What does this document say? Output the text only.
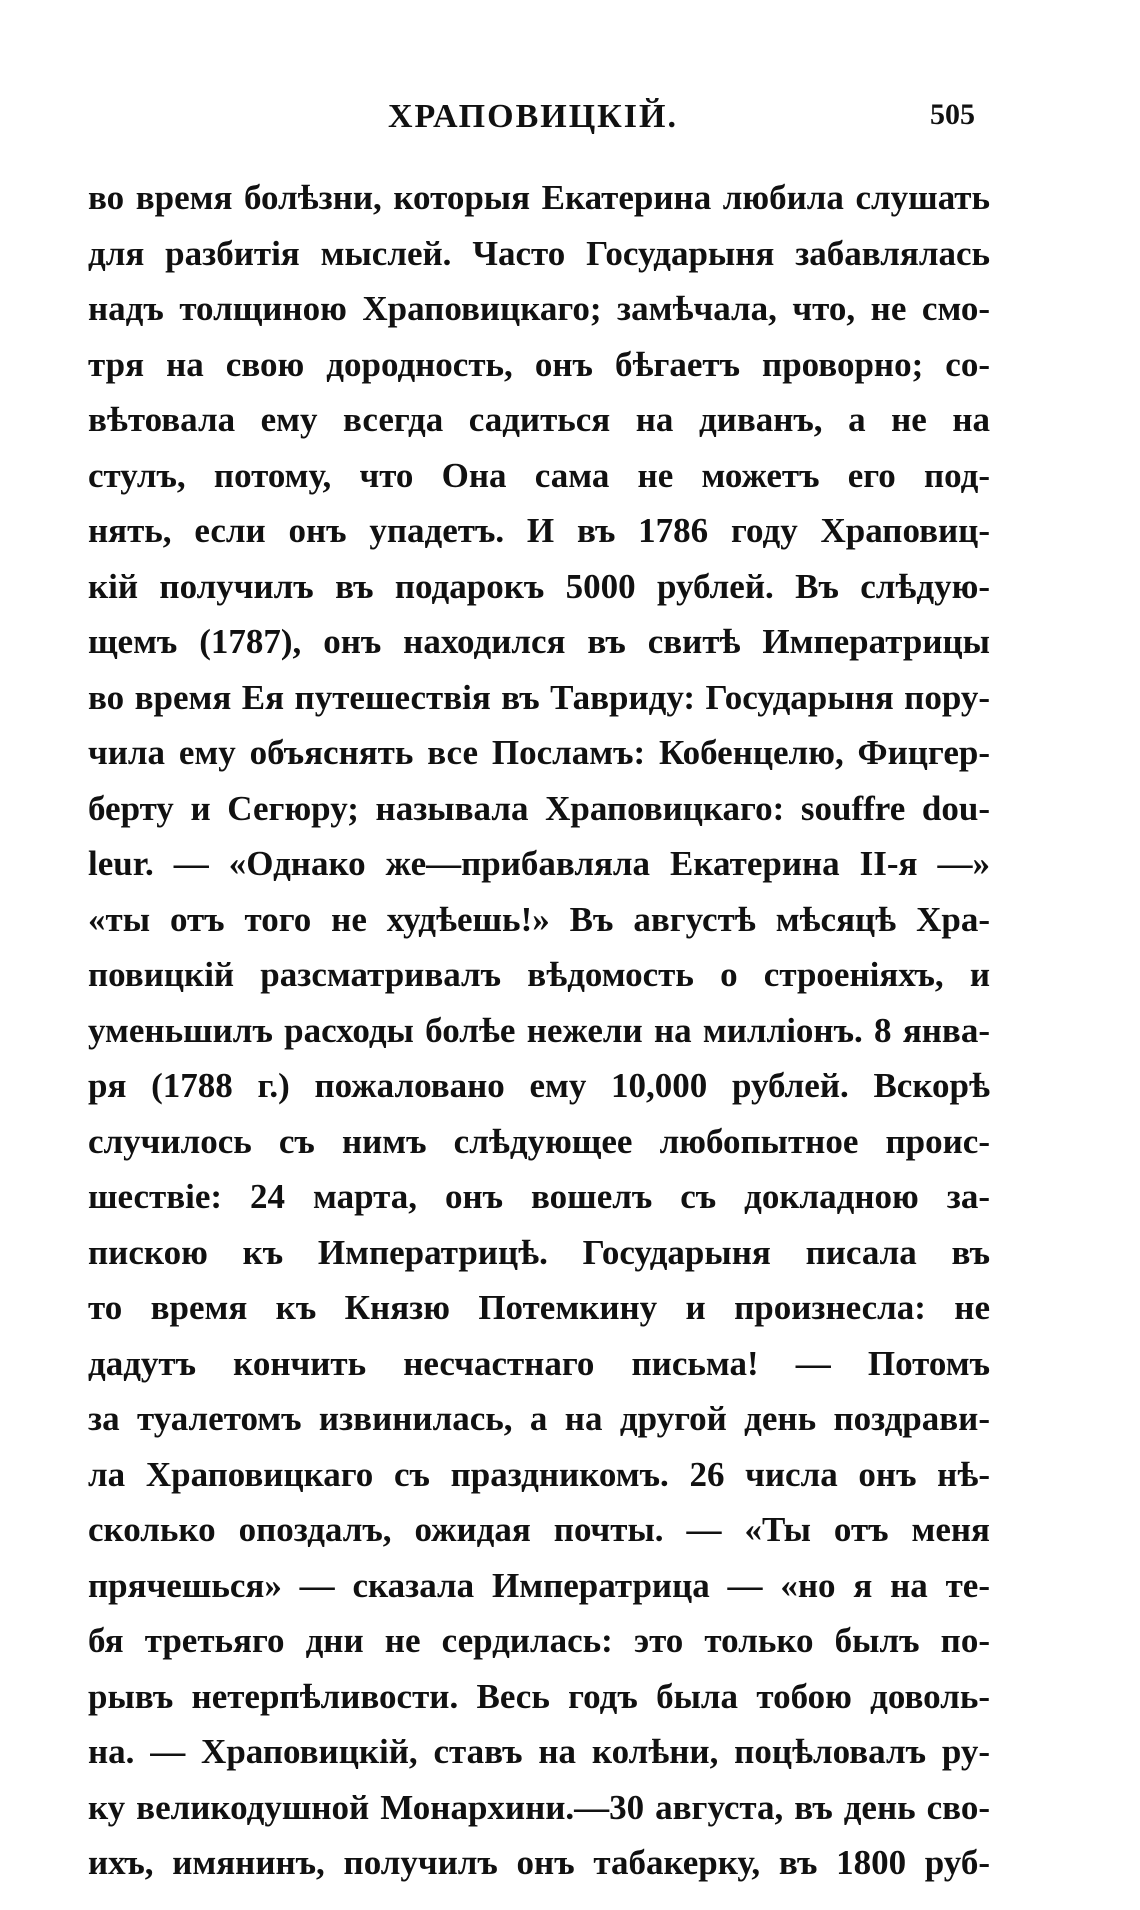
ХРАПОВИЦКІЙ.	505
во время болѣзни, которыя Екатерина любила слушать
для разбитія мыслей. Часто Государыня забавлялась
надъ толщиною Храповицкаго; замѣчала, что, не смо-
тря на свою дородность, онъ бѣгаетъ проворно; со-
вѣтовала ему всегда садиться на диванъ, а не на
стулъ, потому, что Она сама не можетъ его под-
нять, если онъ упадетъ. И въ 1786 году Храповиц-
кій получилъ въ подарокъ 5000 рублей. Въ слѣдую-
щемъ (1787), онъ находился въ свитѣ Императрицы
во время Ея путешествія въ Тавриду: Государыня пору-
чила ему объяснять все Посламъ: Кобенцелю, Фицгер-
берту и Сегюру; называла Храповицкаго: souffre dou-
leur. — «Однако же—прибавляла Екатерина II-я —»
«ты отъ того не худѣешь!» Въ августѣ мѣсяцѣ Хра-
повицкій разсматривалъ вѣдомость о строеніяхъ, и
уменьшилъ расходы болѣе нежели на милліонъ. 8 янва-
ря (1788 г.) пожаловано ему 10,000 рублей. Вскорѣ
случилось съ нимъ слѣдующее любопытное проис-
шествіе: 24 марта, онъ вошелъ съ докладною за-
пискою къ Императрицѣ. Государыня писала въ
то время къ Князю Потемкину и произнесла: не
дадутъ кончить несчастнаго письма! — Потомъ
за туалетомъ извинилась, а на другой день поздрави-
ла Храповицкаго съ праздникомъ. 26 числа онъ нѣ-
сколько опоздалъ, ожидая почты. — «Ты отъ меня
прячешься» — сказала Императрица — «но я на те-
бя третьяго дни не сердилась: это только былъ по-
рывъ нетерпѣливости. Весь годъ была тобою доволь-
на. — Храповицкій, ставъ на колѣни, поцѣловалъ ру-
ку великодушной Монархини.—30 августа, въ день сво-
ихъ, имянинъ, получилъ онъ табакерку, въ 1800 руб-
